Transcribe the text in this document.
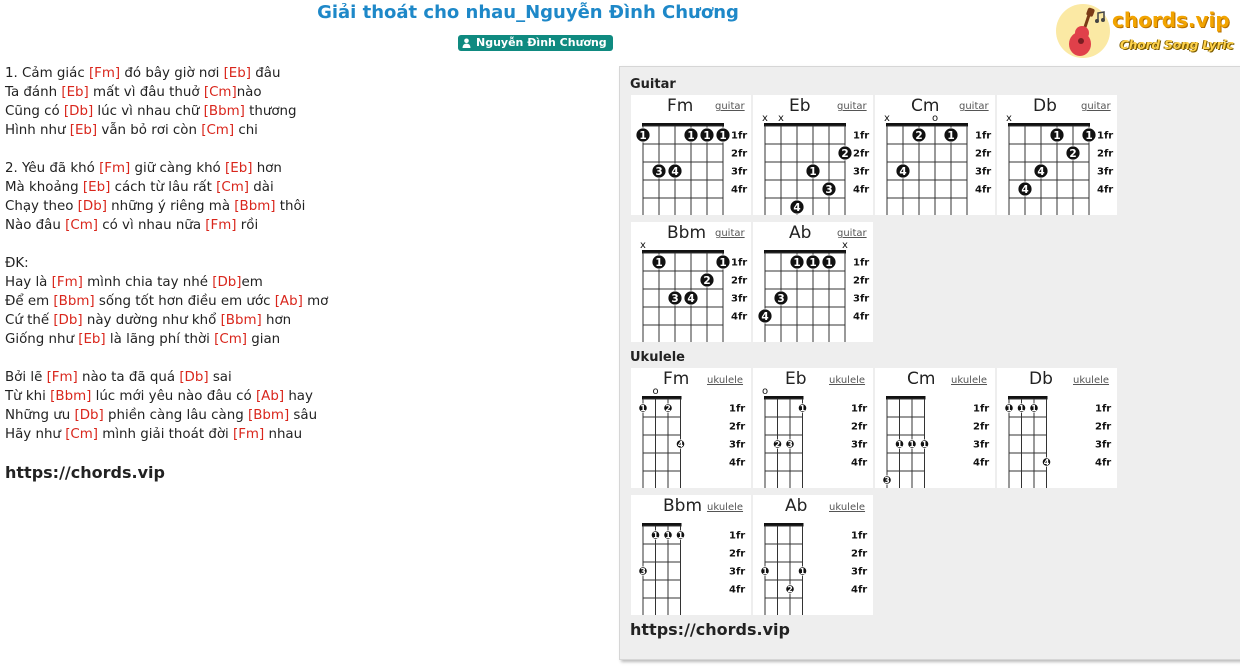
Giải thoát cho nhau_Nguyễn Đình Chương
Nguyễn Đình Chương
chords.vip
Chord Song Lyric
1. Cảm giác [Fm] đó bây giờ nơi [Eb] đâu
Ta đánh [Eb] mất vì đâu thuở [Cm]nào
Cũng có [Db] lúc vì nhau chữ [Bbm] thương
Hình như [Eb] vẫn bỏ rơi còn [Cm] chi
2. Yêu đã khó [Fm] giữ càng khó [Eb] hơn
Mà khoảng [Eb] cách từ lâu rất [Cm] dài
Chạy theo [Db] những ý riêng mà [Bbm] thôi
Nào đâu [Cm] có vì nhau nữa [Fm] rồi
ĐK:
Hay là [Fm] mình chia tay nhé [Db]em
Để em [Bbm] sống tốt hơn điều em ước [Ab] mơ
Cứ thế [Db] này dường như khổ [Bbm] hơn
Giống như [Eb] là lãng phí thời [Cm] gian
Bởi lẽ [Fm] nào ta đã quá [Db] sai
Từ khi [Bbm] lúc mới yêu nào đâu có [Ab] hay
Những ưu [Db] phiền càng lâu càng [Bbm] sâu
Hãy như [Cm] mình giải thoát đời [Fm] nhau
https://chords.vip
Guitar
Ukulele
https://chords.vip
Fm guitar
1fr
2fr
3fr
4fr
1	1 1 1
3 4
Eb	guitar
1fr
2fr
3fr
4fr
x x
2
1
3
4
Cm guitar
1fr
2fr
3fr
4fr
x	o
2 1
4
Db guitar
1fr
2fr
3fr
4fr
x
1 1
2
4
4
Bbm guitar
1fr
2fr
3fr
4fr
x
1	1
2
3 4
Ab	guitar
1fr
2fr
3fr
4fr
x
1 1 1
3
4
Fm ukulele
1fr
2fr
3fr
4fr
o
1 2
4
Eb ukulele
1fr
2fr
3fr
4fr
o
1
2 3
Cm ukulele
1fr
2fr
3fr
4fr
1 1 1
3
Db ukulele
1fr
2fr
3fr
4fr
1 1 1
4
Bbm ukulele
1fr
2fr
3fr
4fr
1 1 1
3
Ab ukulele
1fr
2fr
3fr
4fr
1	1
2
